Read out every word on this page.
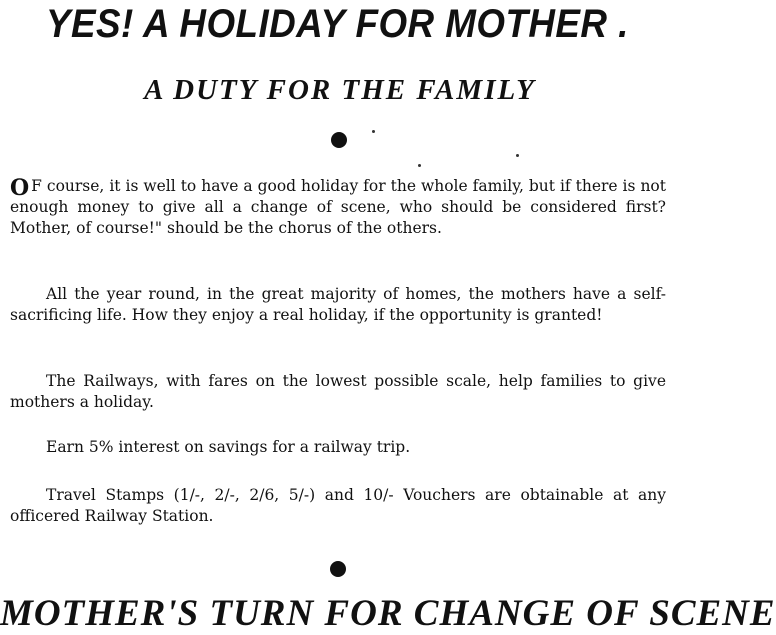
YES! A HOLIDAY FOR MOTHER .
A DUTY FOR THE FAMILY

O F course, it is well to have a good holiday for the whole family, but if there is not enough money to give all a change of scene, who should be considered first? Mother, of course!" should be the chorus of the others.

All the year round, in the great majority of homes, the mothers have a self-sacrificing life. How they enjoy a real holiday, if the opportunity is granted!

The Railways, with fares on the lowest possible scale, help families to give mothers a holiday.

Earn 5% interest on savings for a railway trip.

Travel Stamps (1/-, 2/-, 2/6, 5/-) and 10/- Vouchers are obtainable at any officered Railway Station.

MOTHER'S TURN FOR CHANGE OF SCENE
